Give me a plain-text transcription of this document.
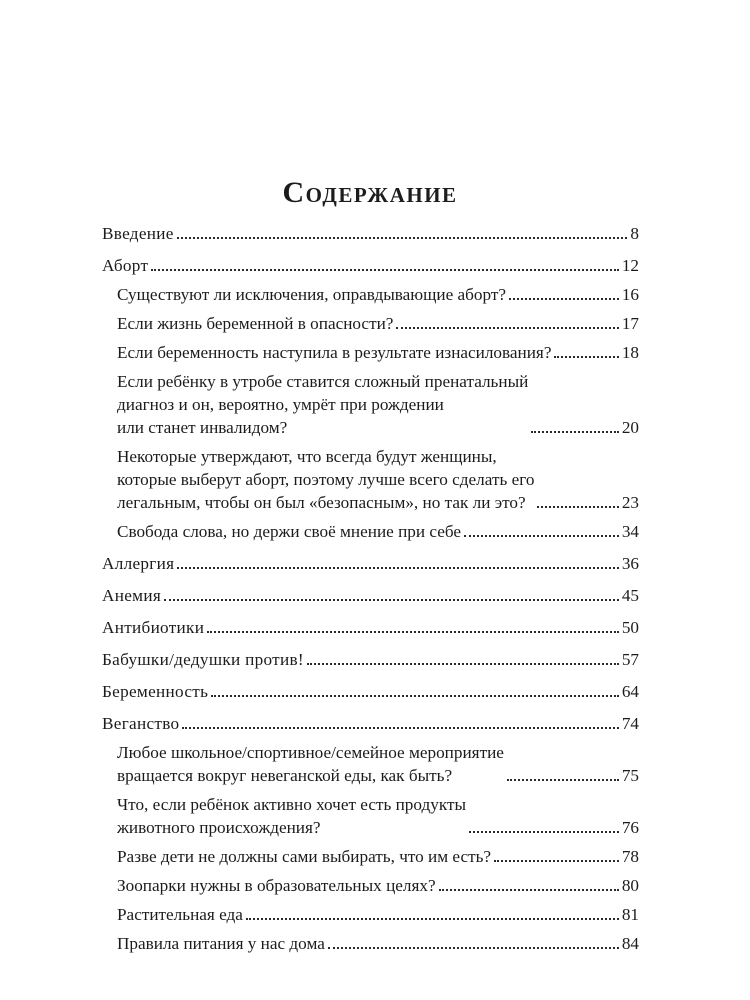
Содержание
Введение	8
Аборт	12
Существуют ли исключения, оправдывающие аборт?	16
Если жизнь беременной в опасности?	17
Если беременность наступила в результате изнасилования?	18
Если ребёнку в утробе ставится сложный пренатальный
диагноз и он, вероятно, умрёт при рождении
или станет инвалидом?	20
Некоторые утверждают, что всегда будут женщины,
которые выберут аборт, поэтому лучше всего сделать его
легальным, чтобы он был «безопасным», но так ли это?	23
Свобода слова, но держи своё мнение при себе	34
Аллергия	36
Анемия	45
Антибиотики	50
Бабушки/дедушки против!	57
Беременность	64
Веганство	74
Любое школьное/спортивное/семейное мероприятие
вращается вокруг невеганской еды, как быть?	75
Что, если ребёнок активно хочет есть продукты
животного происхождения?	76
Разве дети не должны сами выбирать, что им есть?	78
Зоопарки нужны в образовательных целях?	80
Растительная еда	81
Правила питания у нас дома	84
